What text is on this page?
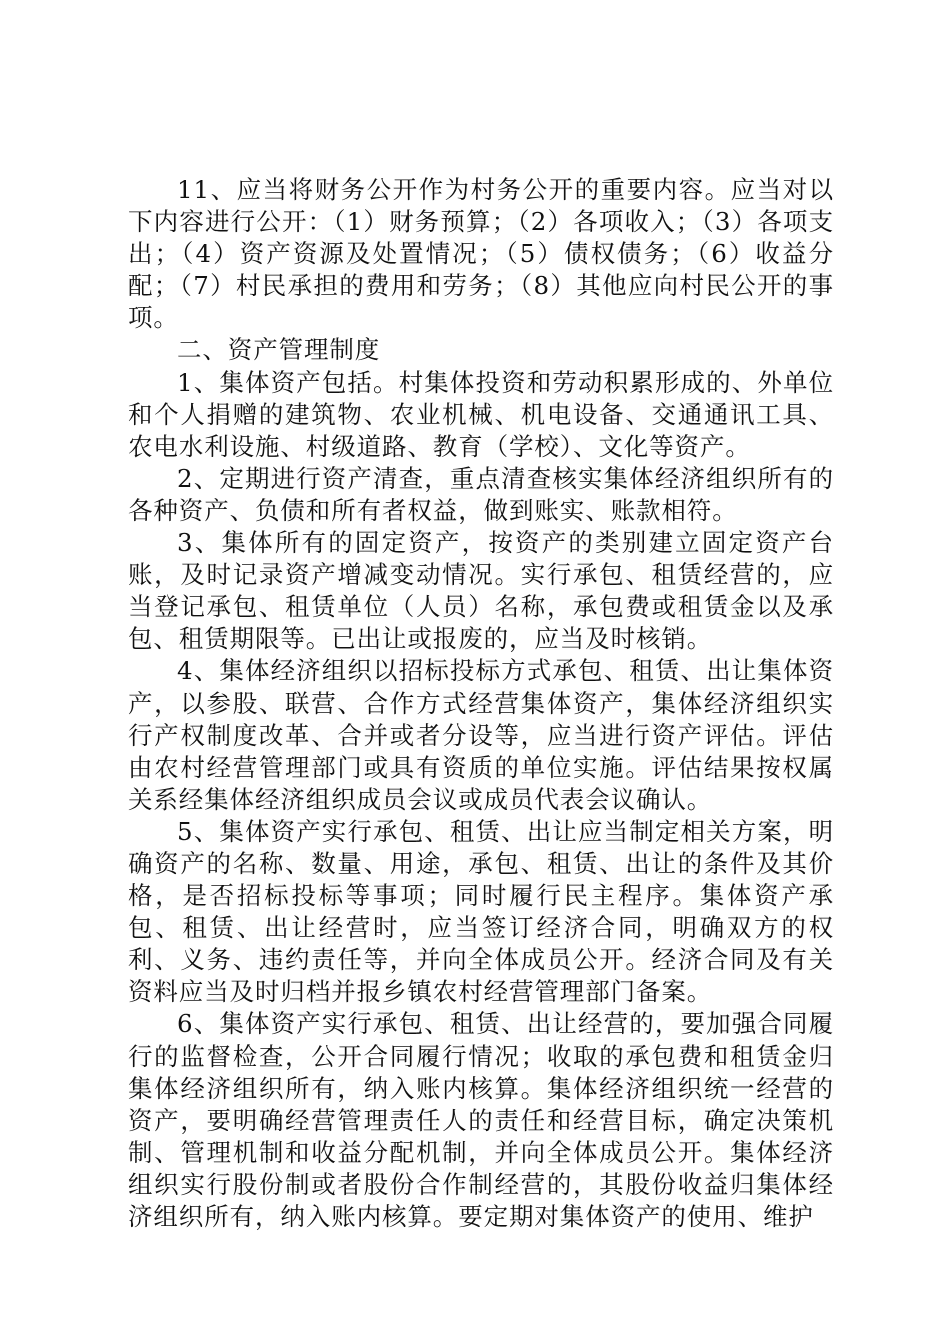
11、应当将财务公开作为村务公开的重要内容。应当对以下内容进行公开：（1）财务预算；（2）各项收入；（3）各项支出；（4）资产资源及处置情况；（5）债权债务；（6）收益分配；（7）村民承担的费用和劳务；（8）其他应向村民公开的事项。

二、资产管理制度

1、集体资产包括。村集体投资和劳动积累形成的、外单位和个人捐赠的建筑物、农业机械、机电设备、交通通讯工具、农电水利设施、村级道路、教育（学校）、文化等资产。

2、定期进行资产清查，重点清查核实集体经济组织所有的各种资产、负债和所有者权益，做到账实、账款相符。

3、集体所有的固定资产，按资产的类别建立固定资产台账，及时记录资产增减变动情况。实行承包、租赁经营的，应当登记承包、租赁单位（人员）名称，承包费或租赁金以及承包、租赁期限等。已出让或报废的，应当及时核销。

4、集体经济组织以招标投标方式承包、租赁、出让集体资产，以参股、联营、合作方式经营集体资产，集体经济组织实行产权制度改革、合并或者分设等，应当进行资产评估。评估由农村经营管理部门或具有资质的单位实施。评估结果按权属关系经集体经济组织成员会议或成员代表会议确认。

5、集体资产实行承包、租赁、出让应当制定相关方案，明确资产的名称、数量、用途，承包、租赁、出让的条件及其价格，是否招标投标等事项；同时履行民主程序。集体资产承包、租赁、出让经营时，应当签订经济合同，明确双方的权利、义务、违约责任等，并向全体成员公开。经济合同及有关资料应当及时归档并报乡镇农村经营管理部门备案。

6、集体资产实行承包、租赁、出让经营的，要加强合同履行的监督检查，公开合同履行情况；收取的承包费和租赁金归集体经济组织所有，纳入账内核算。集体经济组织统一经营的资产，要明确经营管理责任人的责任和经营目标，确定决策机制、管理机制和收益分配机制，并向全体成员公开。集体经济组织实行股份制或者股份合作制经营的，其股份收益归集体经济组织所有，纳入账内核算。要定期对集体资产的使用、维护
